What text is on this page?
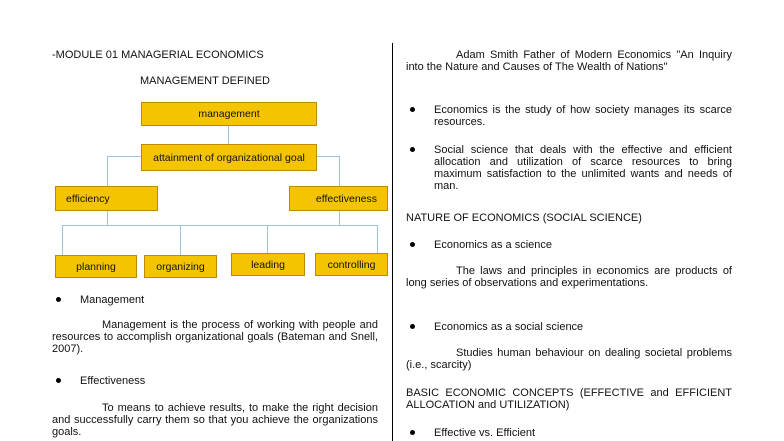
-MODULE 01 MANAGERIAL ECONOMICS
MANAGEMENT DEFINED
management
attainment of organizational goal
efficiency	effectiveness
planning	organizing	leading	controlling
Management
Management is the process of working with people and resources to accomplish organizational goals (Bateman and Snell, 2007).
Effectiveness
To means to achieve results, to make the right decision and successfully carry them so that you achieve the organizations goals.
Adam Smith Father of Modern Economics "An Inquiry into the Nature and Causes of The Wealth of Nations"
Economics is the study of how society manages its scarce resources.
Social science that deals with the effective and efficient allocation and utilization of scarce resources to bring maximum satisfaction to the unlimited wants and needs of man.
NATURE OF ECONOMICS (SOCIAL SCIENCE)
Economics as a science
The laws and principles in economics are products of long series of observations and experimentations.
Economics as a social science
Studies human behaviour on dealing societal problems (i.e., scarcity)
BASIC ECONOMIC CONCEPTS (EFFECTIVE and EFFICIENT ALLOCATION and UTILIZATION)
Effective vs. Efficient
